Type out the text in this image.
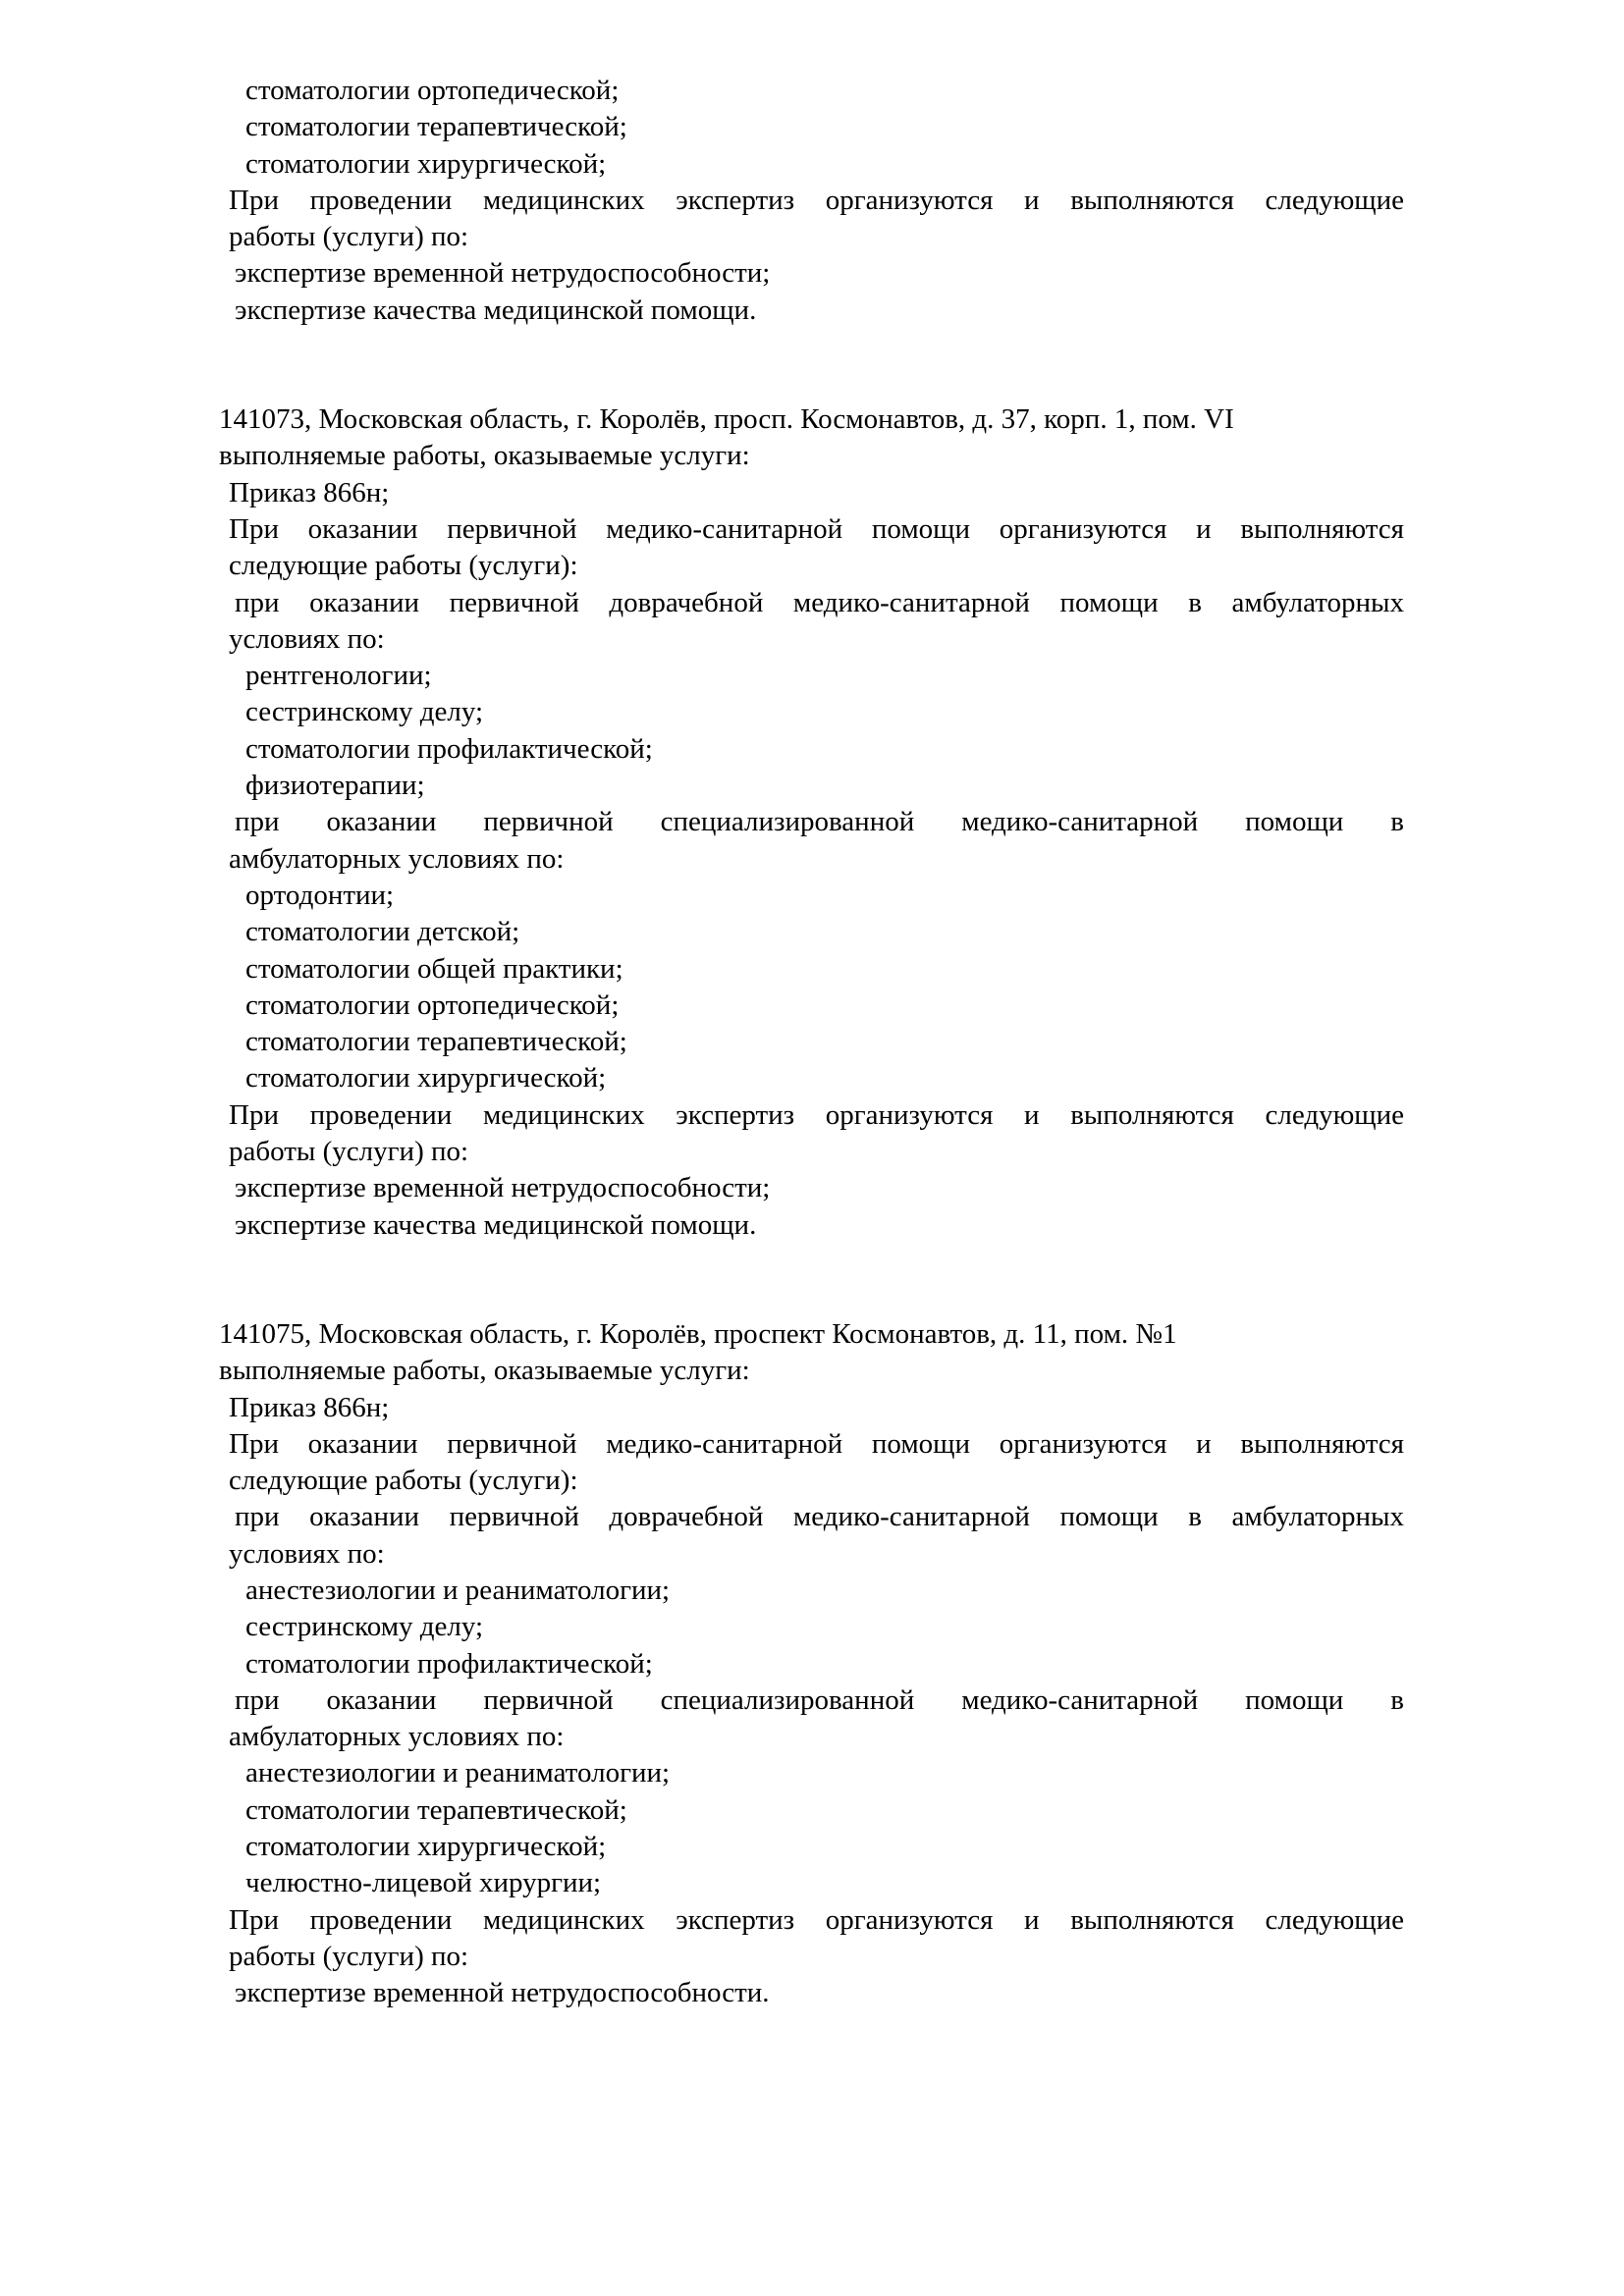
стоматологии ортопедической;
стоматологии терапевтической;
стоматологии хирургической;
При проведении медицинских экспертиз организуются и выполняются следующие
работы (услуги) по:
экспертизе временной нетрудоспособности;
экспертизе качества медицинской помощи.
141073, Московская область, г. Королёв, просп. Космонавтов, д. 37, корп. 1, пом. VI
выполняемые работы, оказываемые услуги:
Приказ 866н;
При оказании первичной медико-санитарной помощи организуются и выполняются
следующие работы (услуги):
при оказании первичной доврачебной медико-санитарной помощи в амбулаторных
условиях по:
рентгенологии;
сестринскому делу;
стоматологии профилактической;
физиотерапии;
при оказании первичной специализированной медико-санитарной помощи в
амбулаторных условиях по:
ортодонтии;
стоматологии детской;
стоматологии общей практики;
стоматологии ортопедической;
стоматологии терапевтической;
стоматологии хирургической;
При проведении медицинских экспертиз организуются и выполняются следующие
работы (услуги) по:
экспертизе временной нетрудоспособности;
экспертизе качества медицинской помощи.
141075, Московская область, г. Королёв, проспект Космонавтов, д. 11, пом. №1
выполняемые работы, оказываемые услуги:
Приказ 866н;
При оказании первичной медико-санитарной помощи организуются и выполняются
следующие работы (услуги):
при оказании первичной доврачебной медико-санитарной помощи в амбулаторных
условиях по:
анестезиологии и реаниматологии;
сестринскому делу;
стоматологии профилактической;
при оказании первичной специализированной медико-санитарной помощи в
амбулаторных условиях по:
анестезиологии и реаниматологии;
стоматологии терапевтической;
стоматологии хирургической;
челюстно-лицевой хирургии;
При проведении медицинских экспертиз организуются и выполняются следующие
работы (услуги) по:
экспертизе временной нетрудоспособности.
